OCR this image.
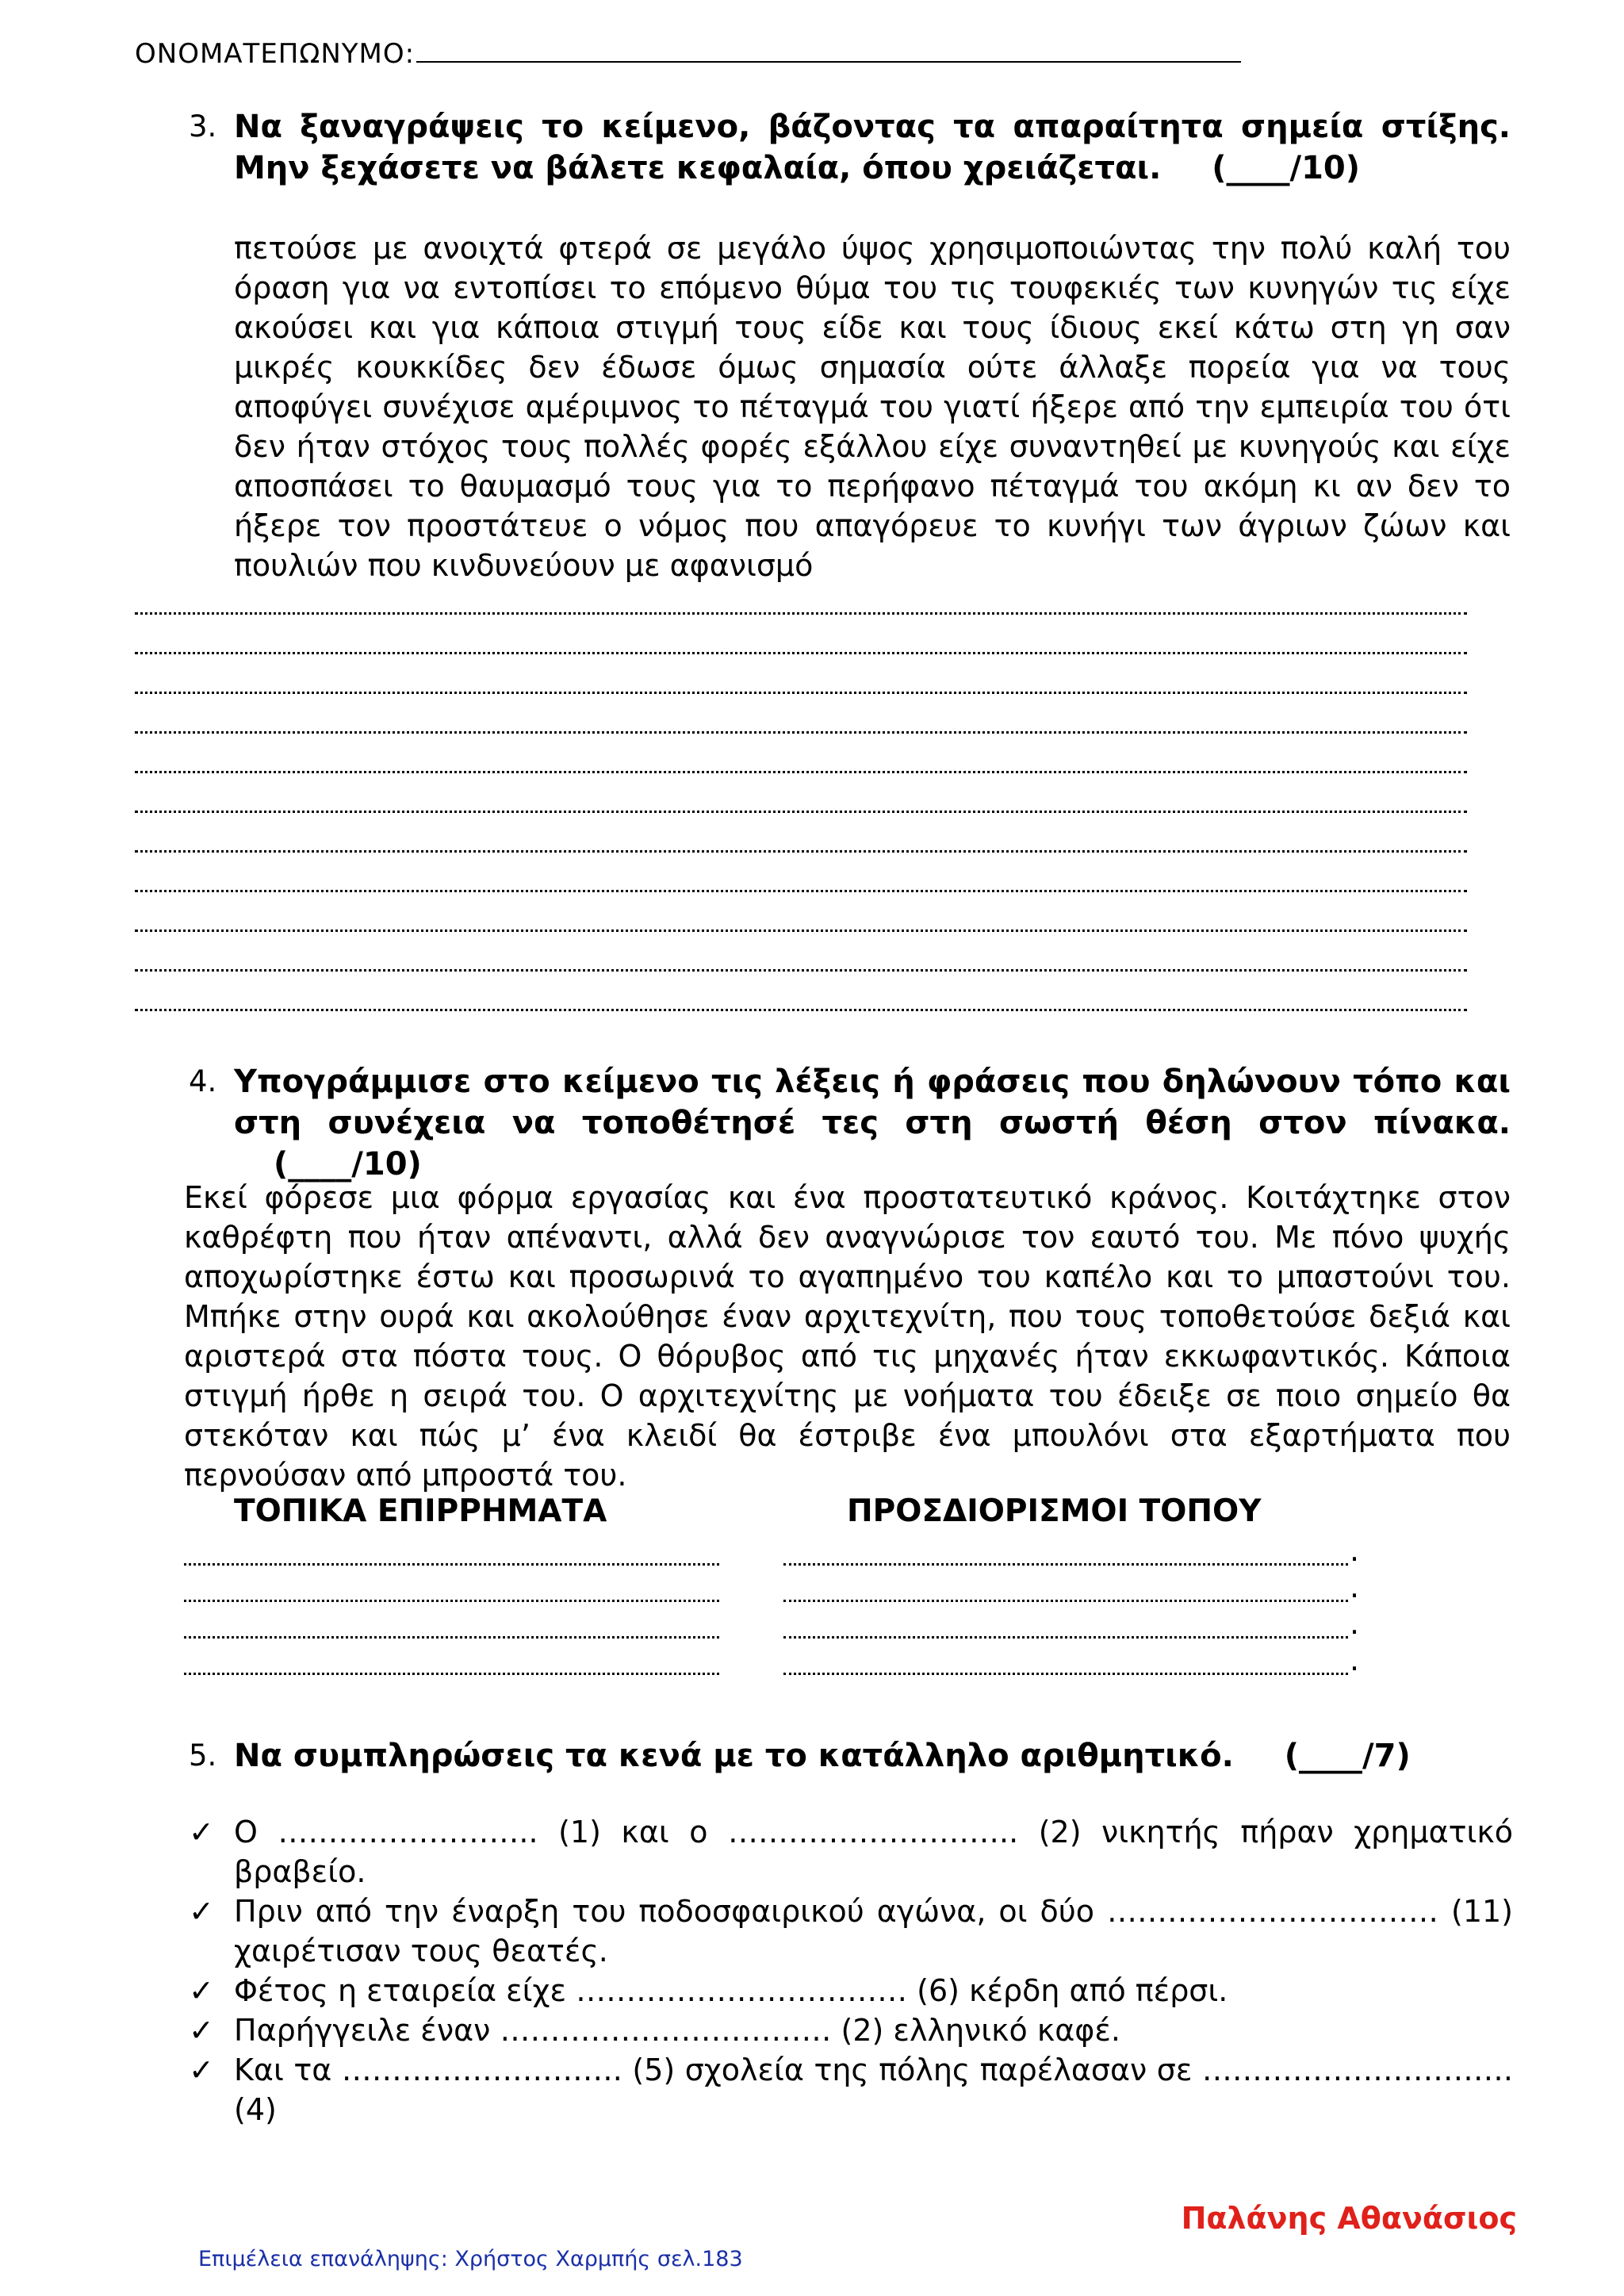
ΟΝΟΜΑΤΕΠΩΝΥΜΟ:
3. Να ξαναγράψεις το κείμενο, βάζοντας τα απαραίτητα σημεία στίξης. Μην ξεχάσετε να βάλετε κεφαλαία, όπου χρειάζεται. (____/10)
πετούσε με ανοιχτά φτερά σε μεγάλο ύψος χρησιμοποιώντας την πολύ καλή του όραση για να εντοπίσει το επόμενο θύμα του τις τουφεκιές των κυνηγών τις είχε ακούσει και για κάποια στιγμή τους είδε και τους ίδιους εκεί κάτω στη γη σαν μικρές κουκκίδες δεν έδωσε όμως σημασία ούτε άλλαξε πορεία για να τους αποφύγει συνέχισε αμέριμνος το πέταγμά του γιατί ήξερε από την εμπειρία του ότι δεν ήταν στόχος τους πολλές φορές εξάλλου είχε συναντηθεί με κυνηγούς και είχε αποσπάσει το θαυμασμό τους για το περήφανο πέταγμά του ακόμη κι αν δεν το ήξερε τον προστάτευε ο νόμος που απαγόρευε το κυνήγι των άγριων ζώων και πουλιών που κινδυνεύουν με αφανισμό
4. Υπογράμμισε στο κείμενο τις λέξεις ή φράσεις που δηλώνουν τόπο και στη συνέχεια να τοποθέτησέ τες στη σωστή θέση στον πίνακα. (____/10)
Εκεί φόρεσε μια φόρμα εργασίας και ένα προστατευτικό κράνος. Κοιτάχτηκε στον καθρέφτη που ήταν απέναντι, αλλά δεν αναγνώρισε τον εαυτό του. Με πόνο ψυχής αποχωρίστηκε έστω και προσωρινά το αγαπημένο του καπέλο και το μπαστούνι του. Μπήκε στην ουρά και ακολούθησε έναν αρχιτεχνίτη, που τους τοποθετούσε δεξιά και αριστερά στα πόστα τους. Ο θόρυβος από τις μηχανές ήταν εκκωφαντικός. Κάποια στιγμή ήρθε η σειρά του. Ο αρχιτεχνίτης με νοήματα του έδειξε σε ποιο σημείο θα στεκόταν και πώς μ’ ένα κλειδί θα έστριβε ένα μπουλόνι στα εξαρτήματα που περνούσαν από μπροστά του.
ΤΟΠΙΚΑ ΕΠΙΡΡΗΜΑΤΑ	ΠΡΟΣΔΙΟΡΙΣΜΟΙ ΤΟΠΟΥ
.
.
.
.
5. Να συμπληρώσεις τα κενά με το κατάλληλο αριθμητικό. (____/7)
✓ Ο …………………….. (1) και ο ……………………….. (2) νικητής πήραν χρηματικό βραβείο.
✓ Πριν από την έναρξη του ποδοσφαιρικού αγώνα, οι δύο …………………………… (11) χαιρέτισαν τους θεατές.
✓ Φέτος η εταιρεία είχε …………………………… (6) κέρδη από πέρσι.
✓ Παρήγγειλε έναν …………………………… (2) ελληνικό καφέ.
✓ Και τα ………………………. (5) σχολεία της πόλης παρέλασαν σε …………………………. (4)
Παλάνης Αθανάσιος
Επιμέλεια επανάληψης: Χρήστος Χαρμπής σελ.183
